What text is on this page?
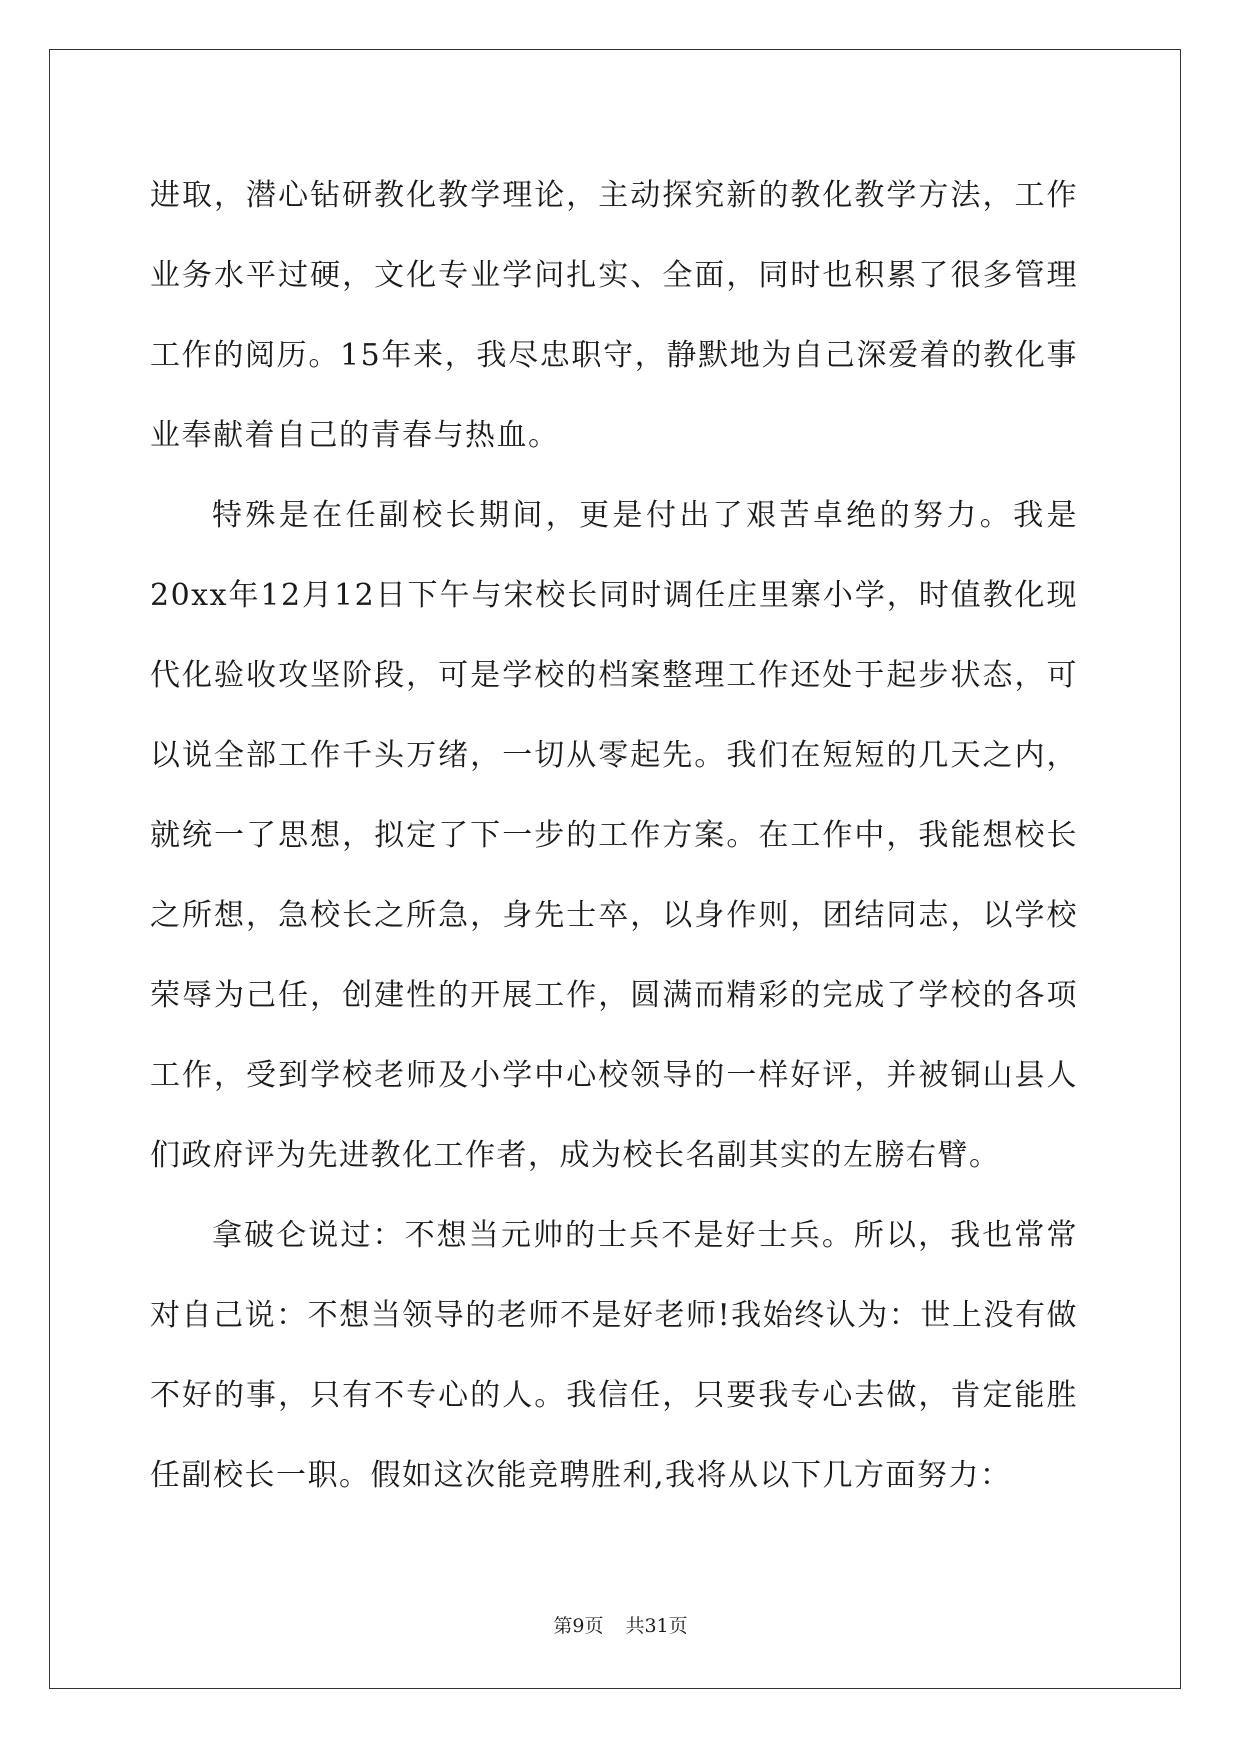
进取，潜心钻研教化教学理论，主动探究新的教化教学方法，工作业务水平过硬，文化专业学问扎实、全面，同时也积累了很多管理工作的阅历。15年来，我尽忠职守，静默地为自己深爱着的教化事业奉献着自己的青春与热血。

特殊是在任副校长期间，更是付出了艰苦卓绝的努力。我是20xx年12月12日下午与宋校长同时调任庄里寨小学，时值教化现代化验收攻坚阶段，可是学校的档案整理工作还处于起步状态，可以说全部工作千头万绪，一切从零起先。我们在短短的几天之内，就统一了思想，拟定了下一步的工作方案。在工作中，我能想校长之所想，急校长之所急，身先士卒，以身作则，团结同志，以学校荣辱为己任，创建性的开展工作，圆满而精彩的完成了学校的各项工作，受到学校老师及小学中心校领导的一样好评，并被铜山县人们政府评为先进教化工作者，成为校长名副其实的左膀右臂。

拿破仑说过：不想当元帅的士兵不是好士兵。所以，我也常常对自己说：不想当领导的老师不是好老师!我始终认为：世上没有做不好的事，只有不专心的人。我信任，只要我专心去做，肯定能胜任副校长一职。假如这次能竞聘胜利,我将从以下几方面努力：

第9页 共31页
